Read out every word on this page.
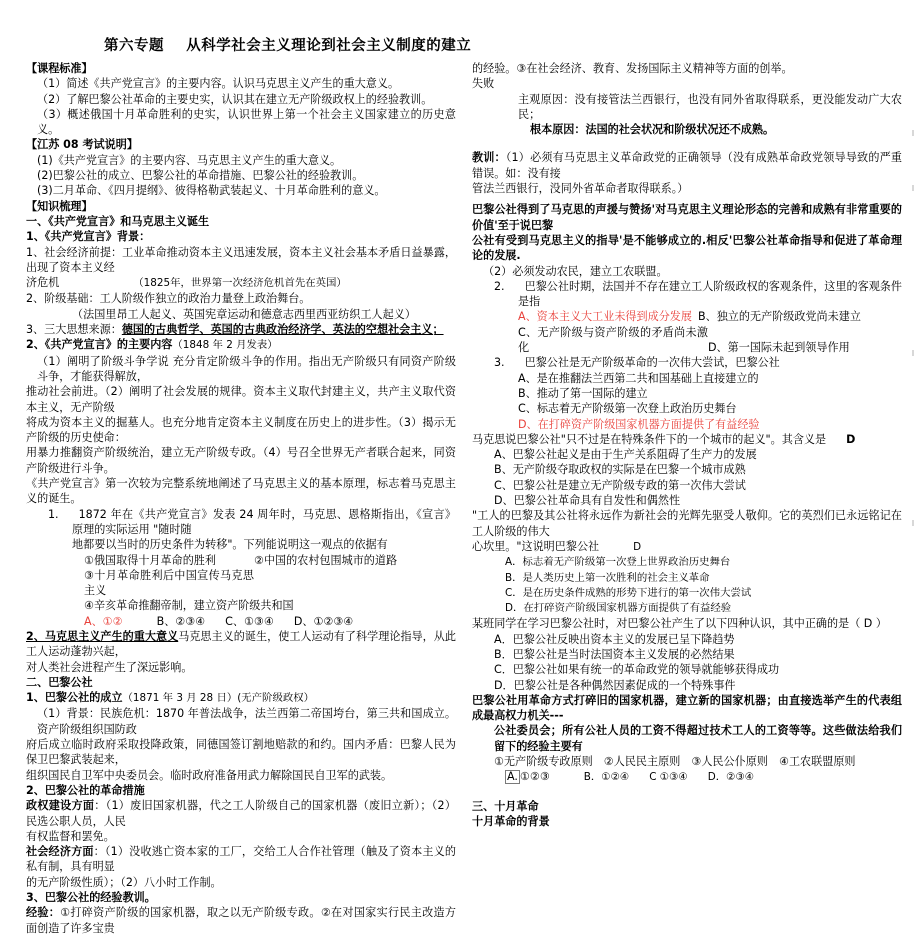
第六专题    从科学社会主义理论到社会主义制度的建立

【课程标准】

（1）简述《共产党宣言》的主要内容。认识马克思主义产生的重大意义。

（2）了解巴黎公社革命的主要史实，认识其在建立无产阶级政权上的经验教训。

（3）概述俄国十月革命胜利的史实，认识世界上第一个社会主义国家建立的历史意义。

【江苏 08 考试说明】

(1)《共产党宣言》的主要内容、马克思主义产生的重大意义。

(2)巴黎公社的成立、巴黎公社的革命措施、巴黎公社的经验教训。

(3)二月革命、《四月提纲》、彼得格勒武装起义、十月革命胜利的意义。

【知识梳理】

一、《共产党宣言》和马克思主义诞生

1、《共产党宣言》背景：

1、社会经济前提：工业革命推动资本主义迅速发展，资本主义社会基本矛盾日益暴露，出现了资本主义经

济危机	（1825年，世界第一次经济危机首先在英国）

2、阶级基础：工人阶级作独立的政治力量登上政治舞台。

（法国里昂工人起义、英国宪章运动和德意志西里西亚纺织工人起义）

3、三大思想来源：德国的古典哲学、英国的古典政治经济学、英法的空想社会主义；

2、《共产党宣言》的主要内容（1848 年 2 月发表）

（1）阐明了阶级斗争学说 充分肯定阶级斗争的作用。指出无产阶级只有同资产阶级斗争，才能获得解放，

推动社会前进。（2）阐明了社会发展的规律。资本主义取代封建主义，共产主义取代资本主义，无产阶级

将成为资本主义的掘墓人。也充分地肯定资本主义制度在历史上的进步性。（3）揭示无产阶级的历史使命：

用暴力推翻资产阶级统治，建立无产阶级专政。（4）号召全世界无产者联合起来，同资产阶级进行斗争。

《共产党宣言》第一次较为完整系统地阐述了马克思主义的基本原理，标志着马克思主义的诞生。

1. 1872 年在《共产党宣言》发表 24 周年时，马克思、恩格斯指出，《宣言》原理的实际运用 "随时随

地都要以当时的历史条件为转移"。下列能说明这一观点的依据有

①俄国取得十月革命的胜利	②中国的农村包围城市的道路

③十月革命胜利后中国宣传马克思主义④辛亥革命推翻帝制，建立资产阶级共和国

A、①②	B、②③④ C、①③④ D、①②③④

2、马克思主义产生的重大意义马克思主义的诞生，使工人运动有了科学理论指导，从此工人运动蓬勃兴起，

对人类社会进程产生了深远影响。

二、巴黎公社

1、巴黎公社的成立（1871 年 3 月 28 日）(无产阶级政权）

（1）背景：民族危机：1870 年普法战争，法兰西第二帝国垮台，第三共和国成立。资产阶级组织国防政

府后成立临时政府采取投降政策，同德国签订割地赔款的和约。国内矛盾：巴黎人民为保卫巴黎武装起来，

组织国民自卫军中央委员会。临时政府准备用武力解除国民自卫军的武装。

2、巴黎公社的革命措施

政权建设方面：（1）废旧国家机器，代之工人阶级自己的国家机器（废旧立新）；（2）民选公职人员，人民

有权监督和罢免。

社会经济方面：（1）没收逃亡资本家的工厂，交给工人合作社管理（触及了资本主义的私有制，具有明显

的无产阶级性质）；（2）八小时工作制。

3、巴黎公社的经验教训。

经验：①打碎资产阶级的国家机器，取之以无产阶级专政。②在对国家实行民主改造方面创造了许多宝贵

的经验。③在社会经济、教育、发扬国际主义精神等方面的创举。

失败

主观原因：没有接管法兰西银行，也没有同外省取得联系，更没能发动广大农民；

根本原因：法国的社会状况和阶级状况还不成熟。

教训：（1）必须有马克思主义革命政党的正确领导（没有成熟革命政党领导导致的严重错误。如：没有接

管法兰西银行，没同外省革命者取得联系。）

巴黎公社得到了马克思的声援与赞扬'对马克思主义理论形态的完善和成熟有非常重要的价值'至于说巴黎

公社有受到马克思主义的指导'是不能够成立的.相反'巴黎公社革命指导和促进了革命理论的发展.

（2）必须发动农民，建立工农联盟。

2. 巴黎公社时期，法国并不存在建立工人阶级政权的客观条件，这里的客观条件是指

A、资本主义大工业未得到成分发展 B、独立的无产阶级政党尚未建立

C、无产阶级与资产阶级的矛盾尚未激化	D、第一国际未起到领导作用

3. 巴黎公社是无产阶级革命的一次伟大尝试，巴黎公社

A、是在推翻法兰西第二共和国基础上直接建立的

B、推动了第一国际的建立

C、标志着无产阶级第一次登上政治历史舞台

D、在打碎资产阶级国家机器方面提供了有益经验

马克思说巴黎公社"只不过是在特殊条件下的一个城市的起义"。其含义是 D

A、巴黎公社起义是由于生产关系阻碍了生产力的发展

B、无产阶级夺取政权的实际是在巴黎一个城市成熟

C、巴黎公社是建立无产阶级专政的第一次伟大尝试

D、巴黎公社革命具有自发性和偶然性

"工人的巴黎及其公社将永远作为新社会的光辉先驱受人敬仰。它的英烈们已永远铭记在工人阶级的伟大

心坎里。"这说明巴黎公社	D

A．标志着无产阶级第一次登上世界政治历史舞台

B．是人类历史上第一次胜利的社会主义革命

C．是在历史条件成熟的形势下进行的第一次伟大尝试

D．在打碎资产阶级国家机器方面提供了有益经验

某班同学在学习巴黎公社时，对巴黎公社产生了以下四种认识，其中正确的是（ D ）

A．巴黎公社反映出资本主义的发展已呈下降趋势

B．巴黎公社是当时法国资本主义发展的必然结果

C．巴黎公社如果有统一的革命政党的领导就能够获得成功

D．巴黎公社是各种偶然因素促成的一个特殊事件

巴黎公社用革命方式打碎旧的国家机器，建立新的国家机器；由直接选举产生的代表组成最高权力机关---

公社委员会；所有公社人员的工资不得超过技术工人的工资等等。这些做法给我们留下的经验主要有

①无产阶级专政原则　②人民民主原则　③人民公仆原则　④工农联盟原则

A. ①②③	B．①②④ C ①③④ D．②③④

三、十月革命

十月革命的背景
